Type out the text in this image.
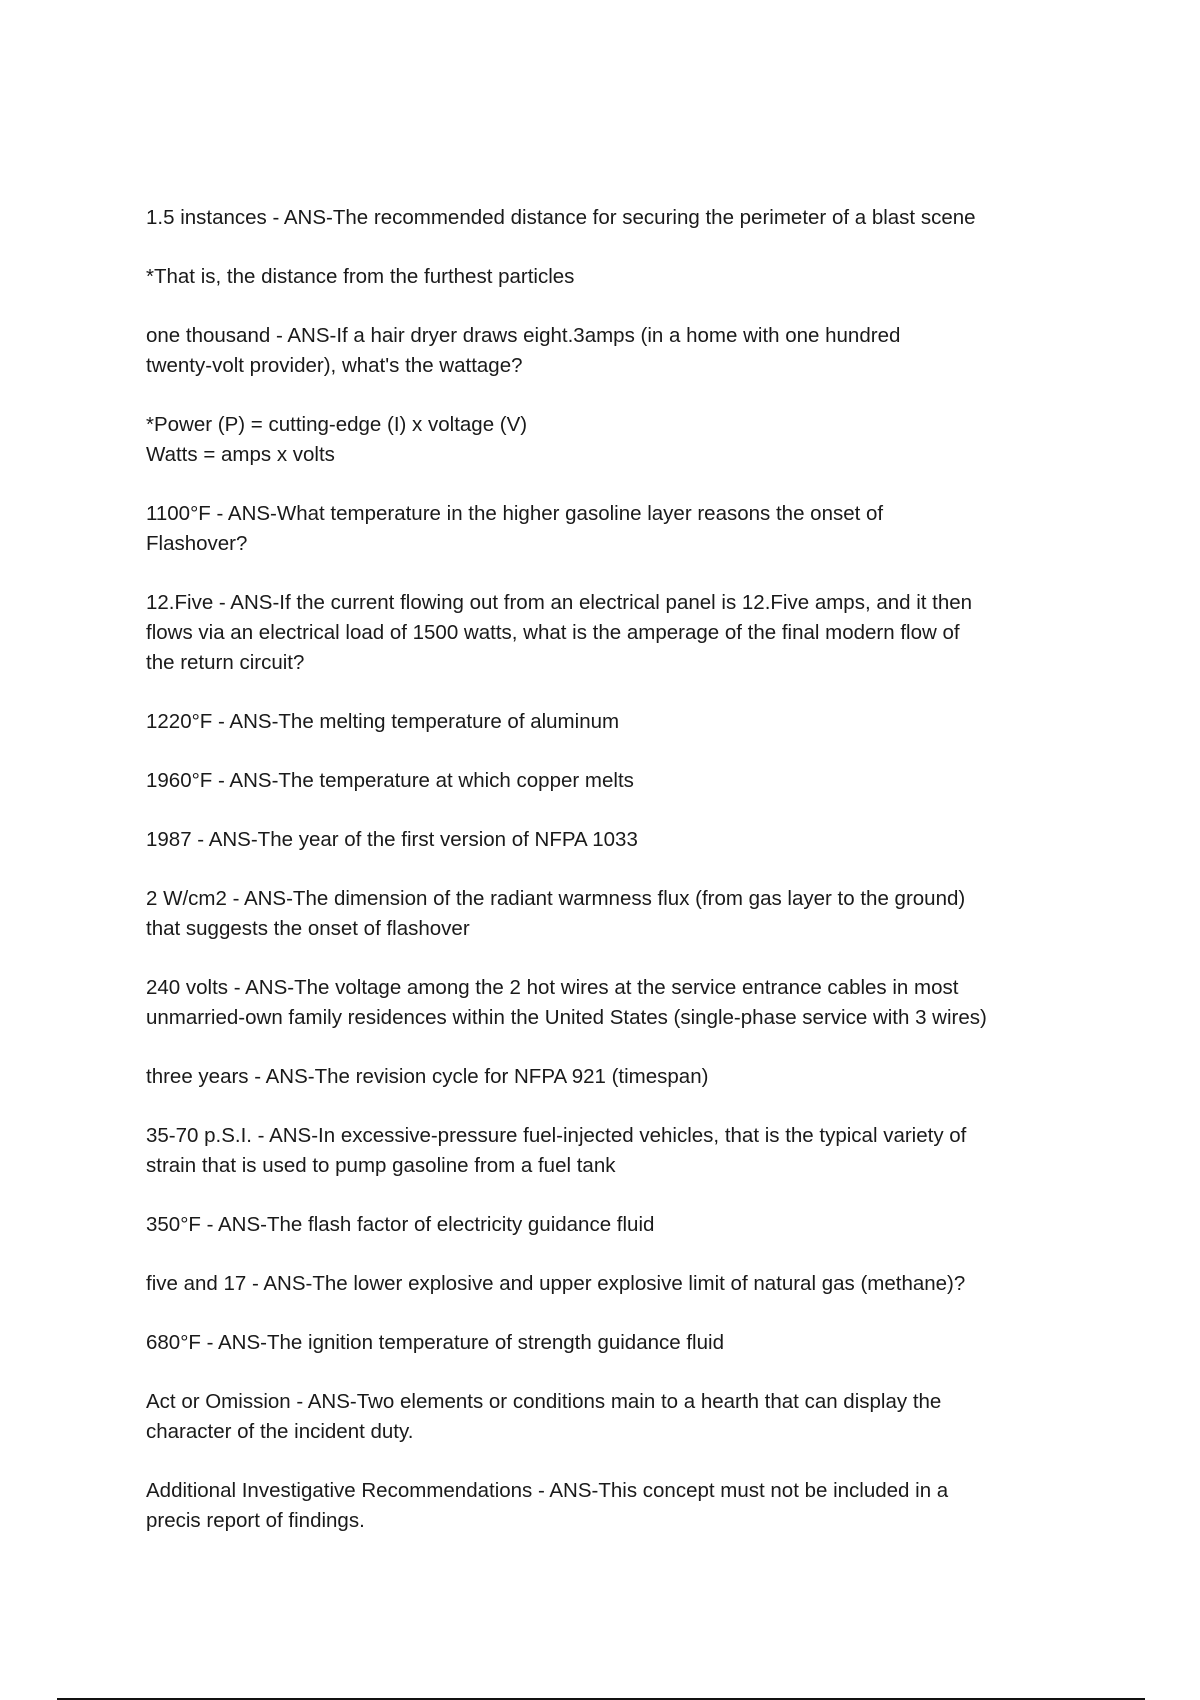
1.5 instances - ANS-The recommended distance for securing the perimeter of a blast scene

*That is, the distance from the furthest particles

one thousand - ANS-If a hair dryer draws eight.3amps (in a home with one hundred
twenty-volt provider), what's the wattage?

*Power (P) = cutting-edge (I) x voltage (V)
Watts = amps x volts

1100°F - ANS-What temperature in the higher gasoline layer reasons the onset of
Flashover?

12.Five - ANS-If the current flowing out from an electrical panel is 12.Five amps, and it then
flows via an electrical load of 1500 watts, what is the amperage of the final modern flow of
the return circuit?

1220°F - ANS-The melting temperature of aluminum

1960°F - ANS-The temperature at which copper melts

1987 - ANS-The year of the first version of NFPA 1033

2 W/cm2 - ANS-The dimension of the radiant warmness flux (from gas layer to the ground)
that suggests the onset of flashover

240 volts - ANS-The voltage among the 2 hot wires at the service entrance cables in most
unmarried-own family residences within the United States (single-phase service with 3 wires)

three years - ANS-The revision cycle for NFPA 921 (timespan)

35-70 p.S.I. - ANS-In excessive-pressure fuel-injected vehicles, that is the typical variety of
strain that is used to pump gasoline from a fuel tank

350°F - ANS-The flash factor of electricity guidance fluid

five and 17 - ANS-The lower explosive and upper explosive limit of natural gas (methane)?

680°F - ANS-The ignition temperature of strength guidance fluid

Act or Omission - ANS-Two elements or conditions main to a hearth that can display the
character of the incident duty.

Additional Investigative Recommendations - ANS-This concept must not be included in a
precis report of findings.
